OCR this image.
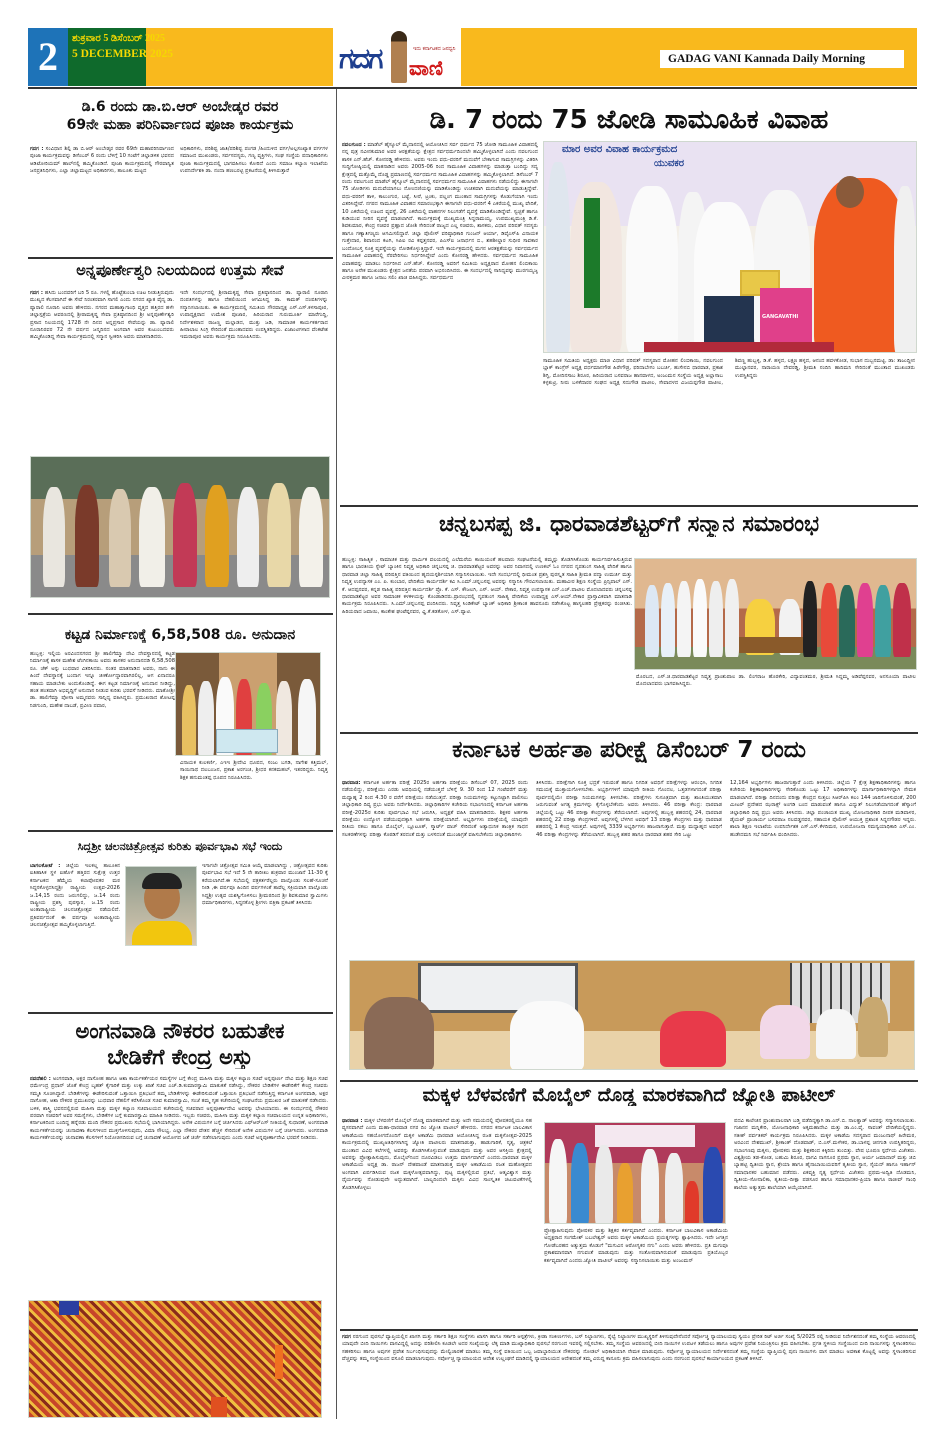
2	ಶುಕ್ರವಾರ 5 ಡಿಸೆಂಬರ್ 2025
5 DECEMBER 2025	ಗದಗ	ಇದು ಕರ್ನಾಟಕದ ಜನಧ್ವನಿ
ವಾಣಿ	GADAG VANI Kannada Daily Morning
ಡಿ.6 ರಂದು ಡಾ.ಬಿ.ಆರ್ ಅಂಬೇಡ್ಕರ ರವರ
69ನೇ ಮಹಾ ಪರಿನಿರ್ವಾಣದ ಪೂಜಾ ಕಾರ್ಯಕ್ರಮ
ಗದಗ : ಸಂವಿಧಾನ ಶಿಲ್ಪಿ ಡಾ ಬಿ.ಆರ್ ಅಂಬೇಡ್ಕರ ರವರ 69ನೇ ಮಹಾಪರಿನಿರ್ವಾಣದ ಪೂಜಾ ಕಾರ್ಯಕ್ರಮವನ್ನು ಡಿಸೆಂಬರ್ 6 ರಂದು ಬೆಳಿಗ್ಗೆ 10 ಗಂಟೆಗೆ ಜಿಲ್ಲಾಡಳಿತ ಭವನದ ಆಡಿಟೋರಿಯಮ್ ಹಾಲ್‌ನಲ್ಲಿ ಹಮ್ಮಿಕೊಂಡಿದೆ. ಪೂಜಾ ಕಾರ್ಯಕ್ರಮದಲ್ಲಿ ಗೌರವಾನ್ವಿತ ಜನಪ್ರತಿನಿಧಿಗಳು, ಎಲ್ಲಾ ಜಿಲ್ಲಾಮಟ್ಟದ ಅಧಿಕಾರಿಗಳು, ತಾಲೂಕು ಮಟ್ಟದ
ಅಧಿಕಾರಿಗಳು, ಪರಿಶಿಷ್ಟ ಜಾತಿ/ಪರಿಶಿಷ್ಟ ಪಂಗಡ /ಹಿಂದುಳಿದ ವರ್ಗ/ಅಲ್ಪಸಂಖ್ಯಾತ ವರ್ಗಗಳ ಸಮಾಜದ ಮುಖಂಡರು, ಸರ್ವಸದಸ್ಯರು, ಗಣ್ಯ ವ್ಯಕ್ತಿಗಳು, ಸಂಘ ಸಂಸ್ಥೆಯ ಪದಾಧಿಕಾರಿಗಳು ಪೂಜಾ ಕಾರ್ಯಕ್ರಮದಲ್ಲಿ ಭಾಗವಹಿಸಲು ಕೋರಿದೆ ಎಂದು ಸಮಾಜ ಕಲ್ಯಾಣ ಇಲಾಖೆಯ ಉಪನಿರ್ದೇಶಕಿ ಡಾ. ನಂದಾ ಹಣಬರಟ್ಟಿ ಪ್ರಕಟನೆಯಲ್ಲಿ ತಿಳಿಸಿರುತ್ತಾರೆ
ಅನ್ನಪೂರ್ಣೇಶ್ವರಿ ನಿಲಯದಿಂದ ಉತ್ತಮ ಸೇವೆ
ಗದಗ : ಹಸಿದು ಬಂದವರಿಗೆ ಬರಿ 5 ರೂ. ಗಳಲ್ಲಿ ಹೊಟ್ಟೆತುಂಬಾ ಊಟ ನೀಡುತ್ತಿರುವುದು ಮುಖ್ಯದ ಕೆಲಸವಾಗಿದೆ ಈ ಸೇವೆ ನಿರಂತರವಾಗಿ ಸಾಗಲಿ ಎಂದು ನಗರದ ಖ್ಯಾತ ವೈದ್ಯ ಡಾ. ಪ್ಯಾರಾಲಿ ನೂರಾನಿ ಅವರು ಹೇಳಿದರು. ನಗರದ ಮಹಾತ್ಮಾಗಾಂಧಿ ವೃತ್ತದ ಹತ್ತಿರದ ಹಳೇ ಜಿಲ್ಲಾಸ್ಪತ್ರೆಯ ಆವರಣದಲ್ಲಿ ಶ್ರೀರಾಮಕೃಷ್ಣ ಸೇವಾ ಪ್ರತಿಷ್ಠಾನದಿಂದ ಶ್ರೀ ಅನ್ನಪೂರ್ಣೇಶ್ವರಿ ಪ್ರಸಾದ ನಿಲಯದಲ್ಲಿ 1728 ನೇ ದಿನದ ಅನ್ನಪ್ರಸಾದ ಸೇವೆಯನ್ನು ಡಾ. ಪ್ಯಾರಾಲಿ ನೂರಾನಿರವರ 72 ನೇ ವರ್ಷದ ಜನ್ಮದಿನದ ಅಂಗವಾಗಿ ಅವರ ಕುಟುಂಬದವರು ಹಮ್ಮಿಕೊಂಡಿದ್ದ ಸೇವಾ ಕಾರ್ಯಕ್ರಮದಲ್ಲಿ ಸನ್ಮಾನ ಸ್ವೀಕರಿಸಿ ಅವರು ಮಾತನಾಡಿದರು.
ಇದೇ ಸಂದರ್ಭದಲ್ಲಿ ಶ್ರೀರಾಮಕೃಷ್ಣ ಸೇವಾ ಪ್ರತಿಷ್ಠಾನದಿಂದ ಡಾ. ಪ್ಯಾರಾಲಿ ನೂರಾನಿ ದಂಪತಿಗಳನ್ನು ಹಾಗೂ ದೆಹಲಿಯಿಂದ ಆಗಮಿಸಿದ್ದ ಡಾ. ಕಾಮತ್ ದಂಪತಿಗಳನ್ನು ಸನ್ಮಾನಿಸಲಾಯಿತು. ಈ ಕಾರ್ಯಕ್ರಮದಲ್ಲಿ ಸಮಿತಿಯ ಗೌರವಾಧ್ಯಕ್ಷ ಎಸ್.ಎಸ್.ಕಳಸಾಪೂರ, ಉಪಾಧ್ಯಕ್ಷರಾದ ಉಮೇಶ ಪೂಜಾರ, ಹಿರಿಯರಾದ ಗುರುಮೂರ್ತಿ ಮಾರೆಗುದ್ದಿ, ನಿರ್ದೇಶಕರಾದ ರಾಜಣ್ಣ ಮಲ್ಲಾಡದ, ಮುತ್ತು ಜಡಿ, ಸಾಮಾಜಿಕ ಕಾರ್ಯಕರ್ತರಾದ ಹೀರಾಲಾಲ ಸಿಂಗ್ರಿ ಸೇರಿದಂತೆ ಮುಂತಾದವರು ಉಪಸ್ಥಿತರಿದ್ದರು. ಏಜಾಂಟಿಗಳಾದ ವೆಂಕಟೇಶ ಇಮರಾಪೂರ ಅವರು ಕಾರ್ಯಕ್ರಮ ನಿರೂಪಿಸಿದರು.
ಕಟ್ಟಡ ನಿರ್ಮಾಣಕ್ಕೆ 6,58,508 ರೂ. ಅನುದಾನ
ಹುಬ್ಬಳ್ಳಿ: ಇಲ್ಲಿಯ ಅರವಿಂದನಗರದ ಶ್ರೀ ಹಾಲಿಗೆಮ್ಮಾ ದೇವಿ ದೇವಸ್ಥಾನದಲ್ಲಿ ಕಟ್ಟಡ ನಿರ್ಮಾಣಕ್ಕೆ ಶಾಸಕ ಮಹೇಶ ಟೆಂಗಿನಕಾಯಿ ಅವರು ಶಾಸಕರ ಅನುದಾನದಡಿ 6,58,508 ರೂ. ಚೆಕ್ ಅನ್ನು ಬುಧವಾರ ವಿತರಿಸಿದರು. ನಂತರ ಮಾತನಾಡಿದ ಅವರು, ನಾನು ಈ ಹಿಂದೆ ದೇವಸ್ಥಾನಕ್ಕೆ ಬಂದಾಗ ಇನ್ನೂ ಜೀರ್ಣೋದ್ಧಾರವಾಗಿರಲಿಲ್ಲ, ಆಗ ಏನಾದರೂ ಸಹಾಯ ಮಾಡಬೇಕು ಅಂದುಕೊಂಡಿದ್ದೆ. ಈಗ ಕಟ್ಟಡ ನಿರ್ಮಾಣಕ್ಕೆ ಅನುದಾನ ನೀಡಿದ್ದು, ಹಂತ ಹಂತವಾಗಿ ಅಭಿವೃದ್ಧಿಗೆ ಅನುದಾನ ನೀಡುವ ಕುರಿತು ಭರವಸೆ ನೀಡಿದರು. ಮಾತೋಶ್ರೀ ಡಾ. ಹಾಲಿಗೆಮ್ಮಾ ಪೋಸಾ ಅಮ್ಮನವರು ಸಾನ್ನಿಧ್ಯ ವಹಿಸಿದ್ದರು. ಪ್ರಮುಖರಾದ ಶೋಟಪ್ಪ ನಿಡಗುಂದಿ, ಮಹೇಶ ದಾಬಡೆ, ಪ್ರವೀಣ ಪವಾರ,
ವಿನಾಯಕ ಕುಲಕರ್ಣಿ, ಎಇಇ ಶ್ರೀದೇವಿ ಧೂಪದ, ಸಂಜು ಬಗಡಿ, ನಾಗೇಶ ಕತ್ತಿಮಲ್, ಸಾಯಿನಾಥ ದಲಬಂಜನ, ಪ್ರಕಾಶ ಅರಗಂಜಿ, ಶ್ರೀಧರ ಕನಕಮಹಲ್, ಇತರರಿದ್ದರು. ನಿವೃತ್ತ ಶಿಕ್ಷಕ ಹನುಮಂತಪ್ಪ ಧೂಪದ ನಿರೂಪಿಸಿದರು.
ಸಿದ್ಧಶ್ರೀ ಚಲನಚಿತ್ರೋತ್ಸವ ಕುರಿತು ಪೂರ್ವಭಾವಿ ಸಭೆ ಇಂದು
ಬಾಗಲಕೋಟೆ : ಜಿಲ್ಲೆಯ ಇಲಕಲ್ಲ ತಾಲೂಕಿನ ಐತಿಹಾಸಿಕ ಸ್ಥಳ ಐಹೊಳೆ ಹತ್ತಿರದ ಸುಕ್ಷೇತ್ರ ಉತ್ತರ ಕರ್ನಾಟಕದ ಹೆಮ್ಮೆಯ ಕಲಾಪೋಷಕರ ಮಠ ಸಿದ್ಧನಕೊಳ್ಳದಸಿದ್ಧಶ್ರೀ ರಾಷ್ಟ್ರೀಯ ಉತ್ಸವ-2026 ಜ.14,15 ರಂದು ಜರುಗಲಿದ್ದು, ಜ.14 ರಂದು ರಾಷ್ಟ್ರೀಯ ಪ್ರಶಸ್ತಿ ಪುರಸ್ಕಾರ, ಜ.15 ರಂದು ಅಂತಾರಾಷ್ಟ್ರೀಯ ಚಲನಚಿತ್ರೋತ್ಸವ ನಡೆಯಲಿದೆ. ಪ್ರತಿವರ್ಷದಂತೆ ಈ ವರ್ಷವೂ ಅಂತಾರಾಷ್ಟ್ರೀಯ ಚಲನಚಿತ್ರೋತ್ಸವ ಹಮ್ಮಿಕೊಳ್ಳಲಾಗುತ್ತಿದೆ.
ಇಗಾಗಲೇ ಚಿತ್ರೋತ್ಸವ ಸಮಿತಿ ಆಯ್ಕೆ ಮಾಡಲಾಗಿದ್ದು , ಚಿತ್ರೋತ್ಸವದ ಕುರಿತು ಪೂರ್ವಭಾವಿ ಸಭೆ ಇದೆ 5 ನೇ ತಾರೀಖು ಶುಕ್ರವಾರ ಮುಂಜಾನೆ 11-30 ಕ್ಕೆ ಕರೆಯಲಾಗಿದೆ.ಈ ಸಭೆಯಲ್ಲಿ ಪತ್ರಕರ್ತರೆಲ್ಲರು ಪಾಲ್ಗೊಂಡು ಸಲಹೆ-ಸೂಚನೆ ನೀಡಿ ,ಈ ವರ್ಷವೂ ಹಿಂದಿನ ವರ್ಷಗಳಂತೆ ತಾವೆಲ್ಲ ಸಕ್ರಿಯವಾಗಿ ಪಾಲ್ಗೊಂಡು ಸಿದ್ಧಶ್ರೀ ಉತ್ಸವ ಯಶಸ್ವಿಗೊಳಿಸಲು ಶ್ರೀಮಠದಿಂದ ಶ್ರೀ ಶಿವಕುಮಾರ ಸ್ವಾಮಿಗಳು ಧರ್ಮಾಧಿಕಾರಿಗಳು, ಸಿದ್ಧನಕೊಳ್ಳ ಶ್ರೀಗಳು ಪತ್ರಿಕಾ ಪ್ರಕಟಣೆ ತಿಳಿಸಿದರು
ಅಂಗನವಾಡಿ ನೌಕರರ ಬಹುತೇಕ
ಬೇಡಿಕೆಗೆ ಕೇಂದ್ರ ಅಸ್ತು
ನವದೆಹಲಿ : ಅಂಗನವಾಡಿ, ಅಕ್ಷರ ದಾಸೋಹ ಹಾಗೂ ಆಶಾ ಕಾರ್ಯಕರ್ತೆಯರ ಸಮಸ್ಯೆಗಳ ಬಗ್ಗೆ ಕೇಂದ್ರ ಮಹಿಳಾ ಮತ್ತು ಮಕ್ಕಳ ಕಲ್ಯಾಣ ಸಚಿವೆ ಅನ್ನಪೂರ್ಣ ದೇವಿ ಮತ್ತು ಶಿಕ್ಷಣ ಸಚಿವ ಧರ್ಮೇಂದ್ರ ಪ್ರಧಾನ್ ಜೊತೆ ಕೇಂದ್ರ ಬೃಹತ್ ಕೈಗಾರಿಕೆ ಮತ್ತು ಉಕ್ಕು ಖಾತೆ ಸಚಿವ ಎಚ್.ಡಿ.ಕುಮಾರಸ್ವಾಮಿ ಮಾತುಕತೆ ನಡೆಸಿದ್ದು, ನೌಕರರ ಬೇಡಿಕೆಗಳ ಈಡೇರಿಕೆಗೆ ಕೇಂದ್ರ ಸಚಿವರು ಸಮ್ಮತಿ ಸೂಚಿಸಿದ್ದಾರೆ. ಬೇಡಿಕೆಗಳನ್ನು ಈಡೇರಿಸುವಂತೆ ಒತ್ತಾಯಿಸಿ ಪ್ರತಿಭಟನೆ ತಮ್ಮ ಬೇಡಿಕೆಗಳನ್ನು ಈಡೇರಿಸುವಂತೆ ಒತ್ತಾಯಿಸಿ ಪ್ರತಿಭಟನೆ ನಡೆಸುತ್ತಿದ್ದ ಕರ್ನಾಟಕ ಅಂಗನವಾಡಿ, ಅಕ್ಷರ ದಾಸೋಹ, ಆಶಾ ನೌಕರರ ಪ್ರಮುಖರನ್ನು ಬುಧವಾರ ದೆಹಲಿಗೆ ಕರೆಸಿಕೊಂಡ ಸಚಿವ ಕುಮಾರಸ್ವಾಮಿ, ಸಂಜೆ ತಮ್ಮ ಗೃಹ ಕಚೇರಿಯಲ್ಲಿ ಸಂಘಟನೆಯ ಪ್ರಮುಖರ ಜತೆ ಮಾತುಕತೆ ನಡೆಸಿದರು. ಬಳಿಕ, ಶಾಸ್ತ್ರಿ ಭವನದಲ್ಲಿರುವ ಮಹಿಳಾ ಮತ್ತು ಮಕ್ಕಳ ಕಲ್ಯಾಣ ಸಚಿವಾಲಯದ ಕಚೇರಿಯಲ್ಲಿ ಸಚಿವರಾದ ಅನ್ನಪೂರ್ಣಾದೇವಿ ಅವರನ್ನು ಭೇಟಿಯಾದರು. ಈ ಸಂದರ್ಭದಲ್ಲಿ ನೌಕರರ ಪರವಾಗಿ ಸಚಿವರಿಗೆ ಅವರ ಸಮಸ್ಯೆಗಳು, ಬೇಡಿಕೆಗಳ ಬಗ್ಗೆ ಕುಮಾರಸ್ವಾಮಿ ಮಾಹಿತಿ ನೀಡಿದರು. ಇಬ್ಬರು ಸಚಿವರು, ಮಹಿಳಾ ಮತ್ತು ಮಕ್ಕಳ ಕಲ್ಯಾಣ ಸಚಿವಾಲಯದ ಉನ್ನತ ಅಧಿಕಾರಿಗಳು, ಕರ್ನಾಟಕದಿಂದ ಬಂದಿದ್ದ ಹನ್ನೆರಡು ಮಂದಿ ನೌಕರರ ಪ್ರಮುಖರು ಸಭೆಯಲ್ಲಿ ಭಾಗಿಯಾಗಿದ್ದರು. ಅನೇಕ ವಿಷಯಗಳ ಬಗ್ಗೆ ಚರ್ಚಿಸಿದರು ಎಫ್‌ಆರ್‌ಎಸ್ ನೀತಿಯಲ್ಲಿ ಸುಧಾರಣೆ, ಅಂಗನವಾಡಿ ಕಾರ್ಯಕರ್ತೆಯರನ್ನು ಚುನಾವಣಾ ಕೆಲಸಗಳಿಂದ ಮುಕ್ತಗೊಳಿಸುವುದು, ವಿಮಾ ಸೌಲಭ್ಯ, ಎಲ್ಲಾ ನೌಕರರ ವೇತನ ಹೆಚ್ಚಳ ಸೇರಿದಂತೆ ಅನೇಕ ವಿಷಯಗಳ ಬಗ್ಗೆ ಚರ್ಚಿಸಿದರು. ಅಂಗನವಾಡಿ ಕಾರ್ಯಕರ್ತೆಯರನ್ನು ಚುನಾವಣಾ ಕೆಲಸಗಳಿಗೆ ನಿಯೋಜಿಸದಿರುವ ಬಗ್ಗೆ ಚುನಾವಣೆ ಆಯೋಗದ ಜತೆ ಚರ್ಚೆ ನಡೆಸಲಾಗುವುದು ಎಂದು ಸಚಿವೆ ಅನ್ನಪೂರ್ಣಾದೇವಿ ಭರವಸೆ ನೀಡಿದರು.
ಡಿ. 7 ರಂದು 75 ಜೋಡಿ ಸಾಮೂಹಿಕ ವಿವಾಹ
ನವಲಗುಂದ : ಮಾಡೆಲ್ ಹೈಸ್ಕೂಲ್ ಮೈದಾನದಲ್ಲಿ ಆಯೋಜಿಸಿದ ಸರ್ವ ಧರ್ಮದ 75 ಜೋಡಿ ಸಾಮೂಹಿಕ ವಿವಾಹದಲ್ಲಿ ನನ್ನ ಪುತ್ರ ನವೀನಕುಮಾರ ಅವರ ಆರಕ್ಷತೆಯನ್ನು ಕ್ಷೇತ್ರದ ಸರ್ವಧರ್ಮದಿಂದಲೇ ಹಮ್ಮಿಕೊಳ್ಳಲಾಗಿದೆ ಎಂದು ನವಲಗುಂದ ಶಾಸಕ ಎನ್.ಹೆಚ್. ಕೋನರಡ್ಡಿ ಹೇಳಿದರು. ಅವರು ಇಂದು ವಧು-ವರರಿಗೆ ಮದುವೆಗೆ ಬೇಕಾಗುವ ಸಾಮಗ್ರಿಗಳನ್ನು ವಿತರಿಸಿ ಸುದ್ದಿಗೋಷ್ಠಿಯಲ್ಲಿ ಮಾತನಾಡಿದ ಅವರು 2005-06 ರಿಂದ ಸಾಮೂಹಿಕ ವಿವಾಹಗಳನ್ನು ಮಾಡುತ್ತಾ ಬಂದಿದ್ದು ಸದ್ಯ ಕ್ಷೇತ್ರದಲ್ಲಿ ಮತ್ತೊಮ್ಮೆ ದೊಡ್ಡ ಪ್ರಮಾಣದಲ್ಲಿ ಸರ್ವಧರ್ಮದ ಸಾಮೂಹಿಕ ವಿವಾಹಗಳನ್ನು ಹಮ್ಮಿಕೊಳ್ಳಲಾಗಿದೆ. ಡಿಸೆಂಬರ್ 7 ರಂದು ನವಲಗುಂದ ಮಾಡೆಲ್ ಹೈಸ್ಕೂಲ್ ಮೈದಾನದಲ್ಲಿ ಸರ್ವಧರ್ಮದ ಸಾಮೂಹಿಕ ವಿವಾಹಗಳು ನಡೆಯಲಿದ್ದು ಈಗಾಗಲೇ 75 ಜೋಡಿಗಳು ಮದುವೆಯಾಗಲು ನೋಂದಣಿಯನ್ನು ಮಾಡಿಕೊಂಡಿದ್ದು ಉಚಿತವಾಗಿ ಮದುವೆಯನ್ನು ಮಾಡುತ್ತಿದ್ದೇವೆ. ವಧು-ವರರಿಗೆ ತಾಳಿ, ಕಾಲುಂಗುರ, ಬಟ್ಟೆ, ಸೀರೆ, ಟ್ರಂಕು, ಪಲ್ಲಂಗ ಮುಂತಾದ ಸಾಮಗ್ರಿಗಳನ್ನು ಕೊಡುಗೆಯಾಗಿ ಇಂದು ವಿತರಿಸಿದ್ದೇವೆ. ನಗರದ ಸಾಮೂಹಿಕ ವಿವಾಹದ ಸಮಾರಂಭಕ್ಕಾಗಿ ಈಗಾಗಲೇ ವಧು-ವರರಿಗೆ 4 ಎಕರೆಯಲ್ಲಿ ಮುಖ್ಯ ವೇದಿಕೆ, 10 ಎಕರೆಯಲ್ಲಿ ಊಟದ ವ್ಯವಸ್ಥೆ, 26 ಎಕರೆಯಲ್ಲಿ ವಾಹನಗಳ ನಿಲುಗಡೆಗೆ ವ್ಯವಸ್ಥೆ ಮಾಡಿಕೊಂಡಿದ್ದೇವೆ. ಸ್ವಚ್ಛತೆ ಹಾಗೂ ಕುಡಿಯುವ ನೀರಿನ ವ್ಯವಸ್ಥೆ ಮಾಡಲಾಗಿದೆ. ಕಾರ್ಯಕ್ರಮಕ್ಕೆ ಮುಖ್ಯಮಂತ್ರಿ ಸಿದ್ದರಾಮಯ್ಯ, ಉಪಮುಖ್ಯಮಂತ್ರಿ ಡಿ.ಕೆ. ಶಿವಕುಮಾರ, ಕೇಂದ್ರ ಸಚಿವರ ಪ್ರಹ್ಲಾದ ಜೋಶಿ ಸೇರಿದಂತೆ ರಾಜ್ಯದ ಎಲ್ಲ ಸಚಿವರು, ಶಾಸಕರು, ವಿಧಾನ ಪರಿಷತ್ ಸದಸ್ಯರು ಹಾಗೂ ಗಣ್ಯಾತಿಗಣ್ಯರು ಆಗಮಿಸಲಿದ್ದಾರೆ. ಜಿಲ್ಲಾ ಪೊಲೀಸ್ ವರಿಷ್ಠಾಧಿಕಾರಿ ಗುಂಜನ್ ಆರ್ಯಾ, ಡಿವೈಎಸ್‌ಪಿ ವಿನಾಯಕ ಗುತ್ತೇದಾರ, ಶಿವಾನಂದ ಕಟಗಿ, ಸಿಪಿಐ ರವಿ ಕಪ್ಪತ್ತನವರ, ಪಿಎಸ್‌ಐ ಜನಾರ್ಧನ ಬಿ., ಶಹಶೀಲ್ದಾರ ಸುಧೀರ ಸಾವಕಾರ ಬಂದೋಬಸ್ತ ಸೂಕ್ತ ವ್ಯವಸ್ಥೆಯನ್ನು ನೋಡಿಕೊಳ್ಳುತ್ತಿದ್ದಾರೆ. ಇದೇ ಕಾರ್ಯಕ್ರಮದಲ್ಲಿ ಮಗನ ಆರತಕ್ಷತೆಯನ್ನು ಸರ್ವಧರ್ಮದ ಸಾಮೂಹಿಕ ವಿವಾಹದಲ್ಲಿ ನೆರವೇರಿಸಲು ನಿರ್ಧರಿಸಿದ್ದೇವೆ ಎಂದು ಕೋನರಡ್ಡಿ ಹೇಳಿದರು. ಸರ್ವಧರ್ಮದ ಸಾಮೂಹಿಕ ವಿವಾಹವನ್ನು ಮಾಡಲು ನಿರ್ಧರಿಸಿದ ಎನ್.ಹೆಚ್. ಕೋನರಡ್ಡಿ ಅವರಿಗೆ ಸಮಿತಿಯ ಅಧ್ಯಕ್ಷರಾದ ಮೋಹನ ಲಿಂಬಿಕಾಯಿ ಹಾಗೂ ಅನೇಕ ಮುಖಂಡರು ಕ್ಷೇತ್ರದ ಜನತೆಯ ಪರವಾಗಿ ಅಭಿನಂದಿಸಿದರು. ಈ ಸಂದರ್ಭದಲ್ಲಿ ಸಾನಿಧ್ಯವನ್ನು ಮುರಗಯ್ಯಜ್ಜ ವೀರಕ್ತಮಠ ಹಾಗೂ ಜನಾಬ ಸಲಿಂ ಖಾಜಿ ವಹಿಸಿದ್ದರು. ಸರ್ವಧರ್ಮದ
ಮಾರ ಅವರ ವಿವಾಹ ಕಾರ್ಯಕ್ರಮದ
ಯುವಕರ
GANGAVATHI
ಸಾಮೂಹಿಕ ಸಮಿತಿಯ ಅಧ್ಯಕ್ಷರು ಮಾಜಿ ವಿಧಾನ ಪರಿಷತ್ ಸದಸ್ಯರಾದ ಮೋಹನ ಲಿಂಬಿಕಾಯಿ, ನವಲಗುಂದ ಬ್ಲಾಕ್ ಕಾಂಗ್ರೆಸ್ ಅಧ್ಯಕ್ಷ ವರ್ಧಮಾನಗೌಡ ಹಿರೇಗೌಡ್ರ, ಫರಿದಾಬೇಗಂ ಬಬರ್ಚಿ, ಹುಸೇನಬಿ ಧಾರವಾಡ, ಪ್ರಕಾಶ ಶಿಗ್ಲಿ, ಮೋದಿನಸಾಬ ಶಿರೂರ, ಹಿರಿಯರಾದ ಬಸವರಾಜ ಹಾನವಾಳದ, ಅಂಜುಮನ ಸಂಸ್ಥೆಯ ಅಧ್ಯಕ್ಷ ಅಲ್ಲಾಸಾಬ ಕಳ್ಳಕುಟ್ರಿ, ನೀರು ಬಳಕೆದಾರರ ಸಂಘದ ಅಧ್ಯಕ್ಷ ಸದುಗೌಡ ಪಾಟೀಲ, ಸೇವಾದಳದ ವಿಜಯಪ್ಪಗೌಡ ಪಾಟೀಲ, ಶಿವಣ್ಣ ಹುಬ್ಬಳ್ಳಿ, ಡಿ.ಕೆ. ಹಳ್ಳದ, ಲಕ್ಷ್ಮಣ ಹಳ್ಳದ, ಆನಂದ ಹವಳಕೋಡ, ಸುಭಾಸ ದುಬ್ಬನಮಟ್ಟಿ, ಡಾ: ತಾಜುದ್ದೀನ ಮುಲ್ಲಾನವರ, ನಾರಾಯಣ ದೇವರಡ್ಡಿ, ಶ್ರೀಮತಿ ನಂದಿನಿ ಹಾದಿಮನಿ ಸೇರಿದಂತೆ ಮುಂತಾದ ಮುಖಂಡರು ಉಪಸ್ಥಿತಿದ್ದರು
ಚನ್ನಬಸಪ್ಪ ಜಿ. ಧಾರವಾಡಶೆಟ್ಟರ್‌ಗೆ ಸನ್ಮಾನ ಸಮಾರಂಭ
ಹುಬ್ಬಳ್ಳಿ: ಸಾಹಿತ್ಯಿಕ , ಸಾಮಾಜಿಕ ಮತ್ತು ಧಾರ್ಮಿಕ ವಲಯದಲ್ಲಿ ಎಲೆಮರೆಯ ಕಾಯಿಯಂತೆ ಹಲವಾರು ಸಂಘಟನೆಯಲ್ಲಿ ತಮ್ಮನ್ನು ತೊಡಗಿಸಿಕೊಂಡು ಕಾರ್ಯನಿರ್ವಹಿಸುತ್ತಿರುವ ಹಾಗೂ ಭಾರತೀಯ ಸ್ಟೇಟ್ ಬ್ಯಾಂಕಿನ ನಿವೃತ್ತ ಅಧಿಕಾರಿ ಚನ್ನಬಸಪ್ಪ ಜಿ. ಧಾರವಾಡಶೆಟ್ಟರ ಅವರನ್ನು ಅವರ ನಿವಾಸದಲ್ಲಿ ಉಣಕಲ್ ಓಂ ನಗರದ ನೃಪತುಂಗ ಸಾಹಿತ್ಯ ವೇದಿಕೆ ಹಾಗೂ ಧಾರವಾಡ ಜಿಲ್ಲಾ ಸಾಹಿತ್ಯ ಪರಿಷತ್ತಿನ ವತಿಯಿಂದ ಹೃದಯಸ್ಪರ್ಶಿಯಾಗಿ ಸನ್ಮಾನಿಸಲಾಯಿತು. ಇದೇ ಸಂದರ್ಭದಲ್ಲಿ ಧೀಮಂತ ಪ್ರಶಸ್ತಿ ಪುರಸ್ಕೃತ ಸಾಹಿತಿ ಶ್ರೀಮತಿ ಪದ್ಮಾ ಉಮರ್ಜಿ ಮತ್ತು ನಿವೃತ್ತ ಉಪನ್ಯಾಸಕ ಎಂ. ಪಿ. ಕುಂಬಾರ, ವೇದಿಕೆಯ ಕಾರ್ಯದರ್ಶಿ ಕವಿ ಸಿ.ಎಮ್.ಚನ್ನಬಸಪ್ಪ ಅವರನ್ನು ಸನ್ಮಾನಿಸಿ ಗೌರವಿಸಲಾಯಿತು. ಮಹಾವೀರ ಶಿಕ್ಷಣ ಸಂಸ್ಥೆಯ ಪ್ರಿನ್ಸಿಪಾಲ್ ಎಸ್. ಕೆ. ಆದಪ್ಪನವರ, ಕನ್ನಡ ಸಾಹಿತ್ಯ ಪರಿಷತ್ತಿನ ಕಾರ್ಯದರ್ಶಿ ಪ್ರೊ. ಕೆ. ಎಸ್. ಕೌಜಲಗಿ, ಎಸ್. ಆಯ್. ನೇಕಾರ, ನಿವೃತ್ತ ಉಪನ್ಯಾಸಕ ಎನ್.ಎಚ್.ಪಾಟೀಲ ಮೊದಲಾದವರು ಚನ್ನಬಸಪ್ಪ ಧಾರವಾಡಶೆಟ್ಟರ ಅವರ ಸಾಮಾಜಿಕ ಕಳಕಳಿಯನ್ನು ಕೊಂಡಾಡಿದರು.ಪ್ರಾರಂಭದಲ್ಲಿ ನೃಪತುಂಗ ಸಾಹಿತ್ಯ ವೇದಿಕೆಯ ಉಪಾಧ್ಯಕ್ಷ ಎಸ್.ಆಯ್.ನೇಕಾರ ಪ್ರಾಸ್ತಾವಿಕವಾಗಿ ಮಾತನಾಡಿ ಕಾರ್ಯಕ್ರಮ ನಿರೂಪಿಸಿದರು. ಸಿ.ಎಮ್.ಚನ್ನಬಸಪ್ಪ ವಂದಿಸಿದರು. ನಿವೃತ್ತ ಸಿಂಡಿಕೇಟ್ ಬ್ಯಾಂಕ್ ಅಧಿಕಾರಿ ಶ್ರೀಕಾಂತ ಹಾವನೂರು ನಡೆಸಿಕೊಟ್ಟ ಹಾಸ್ಯಲಹರಿ ಪ್ರೇಕ್ಷಕರನ್ನು ರಂಜಿಸಿತು. ಹಿರಿಯರಾದ ಜವಾಯಿ, ಕಾಂತೇಶ ಘಂಟೆಪ್ಪನವರ, ವ್ಹಿ.ಕೆ.ಕಡಕೋಳ, ಎಸ್.ಪ್ಯಾಟಿ.
ಮೊರಬದ, ಎಸ್.ಜಿ.ಧಾರವಾಡಶೆಟ್ಟರ ನಿವೃತ್ತ ಪ್ರಾಂಶುಪಾಲ ಡಾ. ಲಿಂಗರಾಜ ಹೊರಕೇರಿ, ವಿದ್ಯಾವಂತಮಠ, ಶ್ರೀಮತಿ ಸಿದ್ದಮ್ಮ ಅಡಿವೆಪ್ಪನವರ, ಅನಸೂಯಾ ಪಾಟೀಲ ಮೊದಲಾದವರು ಭಾಗವಹಿಸಿದ್ದರು.
ಕರ್ನಾಟಕ ಅರ್ಹತಾ ಪರೀಕ್ಷೆ ಡಿಸೆಂಬರ್ 7 ರಂದು
ಧಾರವಾಡ: ಕರ್ನಾಟಕ ಅರ್ಹತಾ ಪರೀಕ್ಷೆ 2025ರ ಅರ್ಹತಾ ಪರೀಕ್ಷೆಯು ಡಿಸೆಂಬರ್ 07, 2025 ರಂದು ನಡೆಯಲಿದ್ದು, ಪರೀಕ್ಷೆಯು ಎರಡು ಅವಧಿಯಲ್ಲಿ ನಡೆಯುತ್ತದೆ ಬೆಳಿಗ್ಗೆ 9. 30 ರಿಂದ 12 ಗಂಟೆವರೆಗೆ ಮತ್ತು ಮಧ್ಯಾಹ್ನ 2 ರಿಂದ 4.30 ರ ವರೆಗೆ ಪರೀಕ್ಷೆಯು ನಡೆಯುತ್ತದೆ. ಪರೀಕ್ಷಾ ನಿಯಮಗಳನ್ನು ಕಟ್ಟುನಿಟ್ಟಾಗಿ ಪಾಲಿಸಲು ಜಿಲ್ಲಾಧಿಕಾರಿ ದಿವ್ಯ ಪ್ರಭು ಅವರು ನಿರ್ದೇಶಿಸಿದರು. ಜಿಲ್ಲಾಧಿಕಾರಿಗಳ ಕಚೇರಿಯ ಸಭಾಂಗಣದಲ್ಲಿ ಕರ್ನಾಟಕ ಅರ್ಹತಾ ಪರೀಕ್ಷೆ-2025ರ ಕುರಿತು ಪೂರ್ವಭಾವಿ ಸಭೆ ಜರುಗಿಸಿ, ಅಧ್ಯಕ್ಷತೆ ವಹಿಸಿ ಮಾತನಾಡಿದರು. ಶಿಕ್ಷಕರ ಅರ್ಹತಾ ಪರೀಕ್ಷೆಯು ಉದ್ಯೋಗ ಪಡೆಯುವುದಕ್ಕಾಗಿ ಅರ್ಹತಾ ಪರೀಕ್ಷೆಯಾಗಿದೆ. ಅಭ್ಯರ್ಥಿಗಳು ಪರೀಕ್ಷೆಯಲ್ಲಿ ಯಾವುದೇ ರೀತಿಯ ನಕಲು ಹಾಗೂ ಮೊಬೈಲ್, ಬ್ಲೂಟೂತ್, ಸ್ಮಾರ್ಟ್ ವಾಚ್ ಸೇರಿದಂತೆ ಅತ್ಯಾಧುನಿಕ ತಾಂತ್ರಿಕ ಸಾಧನ ಸಲಕರಣೆಗಳನ್ನು ಪರೀಕ್ಷಾ ಕೊಠಡಿಗೆ ತರದಂತೆ ಮತ್ತು ಬಳಸದಂತೆ ಮುಂಜಾಗ್ರತೆ ವಹಿಸಬೇಕೆಂದು ಜಿಲ್ಲಾಧಿಕಾರಿಗಳು
ತಿಳಿಸಿದರು. ಪರೀಕ್ಷೆಗಾಗಿ ಸೂಕ್ತ ಭದ್ರತೆ ಇರುವಂತೆ ಹಾಗೂ ನಿಗದಿತ ಅವಧಿಗೆ ಪರೀಕ್ಷೆಗಳನ್ನು ಆರಂಭಿಸಿ, ನಿಗದಿತ ಸಮಯಕ್ಕೆ ಮುಕ್ತಾಯಗೊಳಿಸಬೇಕು. ಅಭ್ಯರ್ಥಿಗಳಿಗೆ ಯಾವುದೇ ರೀತಿಯ ಗೊಂದಲ, ಒತ್ತಡಗಳಾಗದಂತೆ ಪರೀಕ್ಷಾ ಪೂರ್ವದಲ್ಲಿಯೇ ಪರೀಕ್ಷಾ ನಿಯಮಗಳನ್ನು ತಿಳಿಸಬೇಕು. ಪರೀಕ್ಷೆಗಳು ಸುಸೂತ್ರವಾಗಿ ಮತ್ತು ಶಾಂತಿಯುತವಾಗಿ ಜರುಗುವಂತೆ ಅಗತ್ಯ ಕ್ರಮಗಳನ್ನು ಕೈಗೊಳ್ಳಬೇಕೆಂದು ಅವರು ತಿಳಿಸಿದರು. 46 ಪರೀಕ್ಷಾ ಕೇಂದ್ರ: ಧಾರವಾಡ ಜಿಲ್ಲೆಯಲ್ಲಿ ಒಟ್ಟು 46 ಪರೀಕ್ಷಾ ಕೇಂದ್ರಗಳನ್ನು ತೆರೆಯಲಾಗಿದೆ. ಅವುಗಳಲ್ಲಿ ಹುಬ್ಬಳ್ಳಿ ಶಹರದಲ್ಲಿ 24, ಧಾರವಾಡ ಶಹರದಲ್ಲಿ 22 ಪರೀಕ್ಷಾ ಕೇಂದ್ರಗಳಿವೆ. ಅವುಗಳಲ್ಲಿ ಬೆಳಗಿನ ಅವಧಿಗೆ 13 ಪರೀಕ್ಷಾ ಕೇಂದ್ರಗಳು ಮತ್ತು ಧಾರವಾಡ ಶಹರದಲ್ಲಿ 1 ಕೇಂದ್ರ ಇರುತ್ತವೆ. ಅವುಗಳಲ್ಲಿ 3339 ಅಭ್ಯರ್ಥಿಗಳು ಹಾಜರಾಗುತ್ತಾರೆ. ಮತ್ತು ಮಧ್ಯಾಹ್ನದ ಅವಧಿಗೆ 46 ಪರೀಕ್ಷಾ ಕೇಂದ್ರಗಳನ್ನು ತೆರೆಯಲಾಗಿದೆ. ಹುಬ್ಬಳ್ಳಿ ಶಹರ ಹಾಗೂ ಧಾರವಾಡ ಶಹರ ಸೇರಿ ಒಟ್ಟು
12,164 ಅಭ್ಯರ್ಥಿಗಳು ಹಾಜರಾಗುತ್ತಾರೆ ಎಂದು ತಿಳಿಸಿದರು. ಜಿಲ್ಲೆಯ 7 ಕ್ಷೇತ್ರ ಶಿಕ್ಷಣಾಧಿಕಾರಿಗಳನ್ನು ಹಾಗೂ ಕಚೇರಿಯ ಶಿಕ್ಷಣಾಧಿಕಾರಿಗಳನ್ನು ಸೇರಿಕೊಂಡು ಒಟ್ಟು 17 ಅಧಿಕಾರಿಗಳನ್ನು ಮಾರ್ಗಾಧಿಕಾರಿಗಳನ್ನಾಗಿ ನೇಮಕ ಮಾಡಲಾಗಿದೆ. ಪರೀಕ್ಷಾ ದಿನದಂದು ಪರೀಕ್ಷಾ ಕೇಂದ್ರದ ಸುತ್ತಲು ಸಿಆರ್‌ಪಿಸಿ ಕಲಂ 144 ಜಾರಿಗೊಳಿಸುವಂತೆ, 200 ಮೀಟರ್ ಪ್ರದೇಶದ ಝರಾಕ್ಸ್ ಅಂಗಡಿ ಬಂದ ಮಾಡುವಂತೆ ಹಾಗೂ ವಿದ್ಯುತ್ ನಿಲುಗಡೆಯಾಗದಂತೆ ಹೆಸ್ಕಾಂಗೆ ಜಿಲ್ಲಾಧಿಕಾರಿ ದಿವ್ಯ ಪ್ರಭು ಅವರು ತಿಳಿಸಿದರು. ಜಿಲ್ಲಾ ಪಂಚಾಯತ ಮುಖ್ಯ ಯೋಜನಾಧಿಕಾರಿ ದೀಪಕ ಮಡಿವಾಳರ, ಡೈಯಟ್ ಪ್ರಾಚಾರ್ಯ ಬಸವರಾಜ ನಲವಡ್ಡನವರ, ಸಹಾಯಕ ಪೊಲೀಸ್ ಆಯುಕ್ತ ಪ್ರಶಾಂತ ಸಿದ್ದನಗೌಡರ ಇದ್ದರು. ಶಾಲಾ ಶಿಕ್ಷಣ ಇಲಾಖೆಯ ಉಪನಿರ್ದೇಶಕ ಎಸ್.ಎಸ್.ಕೆಳದಿಮಠ, ಉಪಯೋಜನಾ ಸಮನ್ವಯಾಧಿಕಾರಿ ಎಸ್.ಎಂ. ಹುಡೇದಮನಿ ಸಭೆ ನಿರ್ವಹಿಸಿ ವಂದಿಸಿದರು.
ಮಕ್ಕಳ ಬೆಳವಣಿಗೆ ಮೊಬೈಲ್ ದೊಡ್ಡ ಮಾರಕವಾಗಿದೆ ಜ್ಯೋತಿ ಪಾಟೀಲ್
ಧಾರವಾಡ : ಮಕ್ಕಳ ಬೆಳವಣಿಗೆ ಮೊಬೈಲ್ ದೊಡ್ಡ ಮಾರಕವಾಗಿದೆ ಮತ್ತು ಅದೇ ಸಮಯದಲ್ಲಿ ಪೋಷಕರಲ್ಲಿಯೂ ಸಹ ವ್ಯಸನವಾಗಿದೆ ಎಂದು ಮಹಾ-ಧಾರವಾಡ ನಗರ ದಿಂ ಜ್ಯೋತಿ ಪಾಟೀಲ್ ಹೇಳಿದರು. ನಗರದ ಕರ್ನಾಟಕ ಬಾಲವಿಕಾಸ ಅಕಾಡೆಮಿಯ ಸಹಯೋಗದೊಂದಿಗೆ ಮಕ್ಕಳ ಅಕಾಡೆಮಿ ಧಾರವಾಡ ಆಯೋಜಿಸಿದ್ದ ರಜತ ಮಕ್ಕಳೋತ್ಸವ-2025 ಕಾರ್ಯಕ್ರಮದಲ್ಲಿ ಮುಖ್ಯಅತಿಥಿಗಳಾಗಿದ್ದ ಜ್ಯೋತಿ ಪಾಟೀಲರು ಮಾತನಾಡುತ್ತಾ, ಹಾಡುಗಾರಿಕೆ, ನೃತ್ಯ, ಚಿತ್ರಕಲೆ ಮುಂತಾದ ವಿವಿಧ ಕಲೆಗಳಲ್ಲಿ ಅವರನ್ನು ತೊಡಗಿಸಿಕೊಳ್ಳುವಂತೆ ಮಾಡುವುದು ಮತ್ತು ಅವರ ಆಸಕ್ತಿಯ ಕ್ಷೇತ್ರದಲ್ಲಿ ಅವರನ್ನು ಪ್ರೋತ್ಸಾಹಿಸುವುದು, ಮೊಬೈಲ್‌ನಿಂದ ದೂರವಿಡಲು ಉತ್ತಮ ಮಾರ್ಗವಾಗಿದೆ ಎಂದರು.ಧಾರವಾಡ ಮಕ್ಕಳ ಅಕಾಡೆಮಿಯ ಅಧ್ಯಕ್ಷ ಡಾ. ರಾಜನ್ ದೇಶಪಾಂಡೆ ಮಾತನಾಡುತ್ತ ಮಕ್ಕಳ ಅಕಾಡೆಮಿಯ ರಜತ ಮಹೋತ್ಸವದ ಅಂಗವಾಗಿ ಏರ್ಪಡಿಸಿರುವ ರಜತ ಮಕ್ಕಳೋತ್ಸವವಾಗಿದ್ದು, ಪುಟ್ಟ ಮಕ್ಕಳಲ್ಲಿರುವ ಪ್ರತಿಭೆ, ಆತ್ಮವಿಶ್ವಾಸ ಮತ್ತು ಧೈರ್ಯವನ್ನು ನೋಡುವುದೇ ಅದ್ಭುತವಾಗಿದೆ. ಬಾಲ್ಯದಿಂದಲೇ ಮಕ್ಕಳು ವಿವಿಧ ಸಾಂಸ್ಕೃತಿಕ ಚಟುವಟಿಕೆಗಳಲ್ಲಿ ತೊಡಗಿಸಿಕೊಳ್ಳಲು
ಪ್ರೋತ್ಸಾಹಿಸುವುದು ಪೋಷಕರ ಮತ್ತು ಶಿಕ್ಷಕರ ಕರ್ತವ್ಯವಾಗಿದೆ ಎಂದರು. ಕರ್ನಾಟಕ ಬಾಲವಿಕಾಸ ಅಕಾಡೆಮಿಯ ಅಧ್ಯಕ್ಷರಾದ ಸಂಗಮೇಶ್ ಬಬಲೇಶ್ವರ್ ಅವರು ಮಕ್ಕಳ ಅಕಾಡೆಮಿಯ ಪ್ರಯತ್ನಗಳನ್ನು ಶ್ಲಾಘಿಸಿದರು. ಇದೇ ಜಗತ್ತಿನ ಗೋಡೆಬರಹದ ಅತ್ಯುತ್ತಮ ಕೊಡುಗೆ "ಮಗುವಿನ ಆರೋಗ್ಯಕರ ನಗು" ಎಂದು ಅವರು ಹೇಳಿದರು. ಪ್ರತಿ ಮಗುವೂ ಪ್ರಕಾಶಮಾನವಾಗಿ ನಗುವಂತೆ ಮಾಡುವುದು ಮತ್ತು ಸಂತೋಷವಾಗಿರುವಂತೆ ಮಾಡುವುದು ಪ್ರತಿಯೊಬ್ಬರ ಕರ್ತವ್ಯವಾಗಿದೆ ಎಂದರು.ಜ್ಯೋತಿ ಪಾಟೀಲ್ ಅವರನ್ನು ಸನ್ಮಾನಿಸಲಾಯಿತು ಮತ್ತು ಅಂಜುಮನ್
ಪದವಿ ಕಾಲೇಜಿನ ಪ್ರಾಂಶುಪಾಲರಾಗಿ ಬಡ್ತಿ ಪಡೆದಿದ್ದಕ್ಕಾಗಿ ಡಾ.ಎನ್.ಬಿ. ನಾಲತ್ವಾಡ್ ಅವರನ್ನು ಸನ್ಮಾನಿಸಲಾಯಿತು. ಗಜಾನನ ಮನ್ನಿಕೇರಿ, ಯೋಜನಾಧಿಕಾರಿ ಅಕ್ಕಮಹಾದೇವಿ ಮತ್ತು ಡಾ.ಎಂ.ವೈ. ಸಾವಂತ್ ವೇದಿಕೆಯಲ್ಲಿದ್ದರು. ಸತೀಶ್ ಪರ್ವತಿಕರ್ ಕಾರ್ಯಕ್ರಮ ನಿರೂಪಿಸಿದರು. ಮಕ್ಕಳ ಅಕಾಡೆಮಿ ಸದಸ್ಯರಾದ ಮಂಜುನಾಥ್ ಹಿರೇಮಠ, ಅರವಿಂದ ದೇಶಮುಖ್, ಶ್ರೀಕಾಂತ್ ದೊಡವಾಡ್, ಬಿ.ಎಸ್.ಮಳೇಕರ, ಡಾ.ಬಾಳಪ್ಪ ಚಿನಗುಡಿ ಉಪಸ್ಥಿತರಿದ್ದರು, ಸಭಾಂಗಣವು ಮಕ್ಕಳು, ಪೋಷಕರು ಮತ್ತು ಶಿಕ್ಷಕರಿಂದ ಕಿಕ್ಕಿರಿದು ತುಂಬಿತ್ತು. ವೇಷ ಭೂಷಣ ಸ್ಪರ್ಧೆಯ ವಿಜೇತರು. ವಿಶ್ವಶ್ರೀಯ ತಡ-ಕೋಡ, ಬಹುಮಿ ಶಿರೂರ, ಧಾಗವಿ ನಾಗನೂರ ಪ್ರಥಮ ಸ್ಥಾನ, ಆರ್ಯ ಜಮಾದಾರ್ ಮತ್ತು ಜಿಬಿ ಬ್ಯಾಹಟ್ಟಿ ದ್ವಿತೀಯ ಸ್ಥಾನ, ಶ್ರೇಯಾ ಹಾಗೂ ಹೈನಾಬಾಯಿಯವರಿಗೆ ತೃತೀಯ ಸ್ಥಾನ, ಸೈಯದ್ ಹಾಗೂ ಇರ್ಹಾನ್ ಸಮಾಧಾನಕರ ಬಹುಮಾನ ಪಡೆದರು. ಏಕವ್ಯಕ್ತಿ ನೃತ್ಯ ಸ್ಪರ್ಧೆಯ ವಿಜೇತರು ಪ್ರಥಮ-ಅದ್ವಿತಿ ದೊಡಮನಿ, ದ್ವಿತೀಯ-ಸೋನಾಲಿಕಾ, ತೃತೀಯ-ದೀಕ್ಷಾ ಪಡಸೂರ ಹಾಗೂ ಸಮಾಧಾನಕರ-ಪ್ರಿಯಾ ಹಾಗೂ ರಾಜೀವ್ ಗಾಂಧಿ ಶಾಲೆಯ ಅತ್ಯುತ್ತಮ ಶಾಲೆಯಾಗಿ ಆಯ್ಕೆಯಾಗಿದೆ.
ಗದಗ ನರಗುಂದ ಪುರಸಭೆ ವ್ಯಾಪ್ತಿಯಲ್ಲಿನ ಖಾಸಗಿ ಮತ್ತು ಸರ್ಕಾರಿ ಶಿಕ್ಷಣ ಸಂಸ್ಥೆಗಳು ಖಾಸಗಿ ಹಾಗೂ ಸರ್ಕಾರಿ ಆಸ್ಪತ್ರೆಗಳು, ಕ್ರೀಡಾ ಸಂಕೀರ್ಣಗಳು, ಬಸ್ ನಿಲ್ದಾಣಗಳು, ರೈಲ್ವೆ ನಿಲ್ದಾಣಗಳ ಮುಖ್ಯಸ್ಥರಿಗೆ ತಿಳಿಸುವುದೇನೆಂದರೆ ಸರ್ವೋಚ್ಚ ನ್ಯಾಯಾಲಯವು ಸ್ವಯಂ ಪ್ರೇರಿತ ರಿಟ್ ಅರ್ಜಿ ಸಂಖ್ಯೆ 5/2025 ರಲ್ಲಿ ನೀಡಿರುವ ನಿರ್ದೇಶನದಂತೆ ತಮ್ಮ ಸಂಸ್ಥೆಯ ಆವರಣದಲ್ಲಿ ಯಾವುದೇ ಬೀದಿ ನಾಯಿಗಳು ವಾಸವಿದ್ದಲ್ಲಿ ಅದನ್ನು ಪರಿಶೀಲಿಸಿ ಕೂಡಲೇ ಅದರ ಸಂಖ್ಯೆಯನ್ನು ಲೆಕ್ಕ ಮಾಡಿ ಮುಖ್ಯಾಧಿಕಾರಿ ಪುರಸಭೆ ನರಗುಂದ ಇವರಲ್ಲಿ ಸಲ್ಲಿಸಬೇಕು. ತಮ್ಮ ಸಂಸ್ಥೆಯ ಆವರಣದಲ್ಲಿ ಬೀದಿ ನಾಯಿಗಳ ಉಪಟಳ ತಡೆಯಲು ಹಾಗೂ ಅವುಗಳ ಪ್ರವೇಶ ನಿಯಂತ್ರಿಸಲು ಕ್ರಮ ವಹಿಸಬೇಕು. ಪ್ರಗತಿ ಸ್ಥಳೀಯ ಸಂಸ್ಥೆಯಿಂದ ಬೀದಿ ನಾಯಿಗಳನ್ನು ಸ್ಥಳಾಂತರಿಸಲು ಸಹಕರಿಸಲು ಹಾಗೂ ಅವುಗಳ ಪ್ರವೇಶ ನಿರ್ಬಂಧಿಸುವುದನ್ನು ಮೇಲ್ವಿಚಾರಣೆ ಮಾಡಲು ತಮ್ಮ ಸಂಸ್ಥೆ ವತಿಯಿಂದ ಒಬ್ಬ ಜವಾಬ್ದಾರಿಯುತ ನೌಕರರನ್ನು ನೋಡಲ್ ಅಧಿಕಾರಿಯಾಗಿ ನೇಮಕ ಮಾಡುವುದು. ಸರ್ವೋಚ್ಚ ನ್ಯಾಯಾಲಯದ ನಿರ್ದೇಶನದಂತೆ ತಮ್ಮ ಸಂಸ್ಥೆಯ ವ್ಯಾಪ್ತಿಯಲ್ಲಿ ಪುನಃ ನಾಯಿಗಳು ವಾಸ ಮಾಡಲು ಅವಕಾಶ ಕೊಟ್ಟಲ್ಲಿ ಅವನ್ನು ಸ್ಥಳಾಂತರಿಸುವ ವೆಚ್ಚವನ್ನು ತಮ್ಮ ಸಂಸ್ಥೆಯಿಂದ ವಸೂಲಿ ಮಾಡಲಾಗುವುದು. ಸರ್ವೋಚ್ಚ ನ್ಯಾಯಾಲಯದ ಆದೇಶ ಉಲ್ಲಂಘನೆ ಮಾಡಿದಲ್ಲಿ ನ್ಯಾಯಾಲಯದ ಆದೇಶದಂತೆ ತಮ್ಮ ವಿರುದ್ಧ ಕಾನೂನು ಕ್ರಮ ವಹಿಸಲಾಗುವುದು ಎಂದು ನರಗುಂದ ಪುರಸಭೆ ಕಾರ್ಯಾಲಯದ ಪ್ರಕಟಣೆ ತಿಳಿಸಿದೆ.
